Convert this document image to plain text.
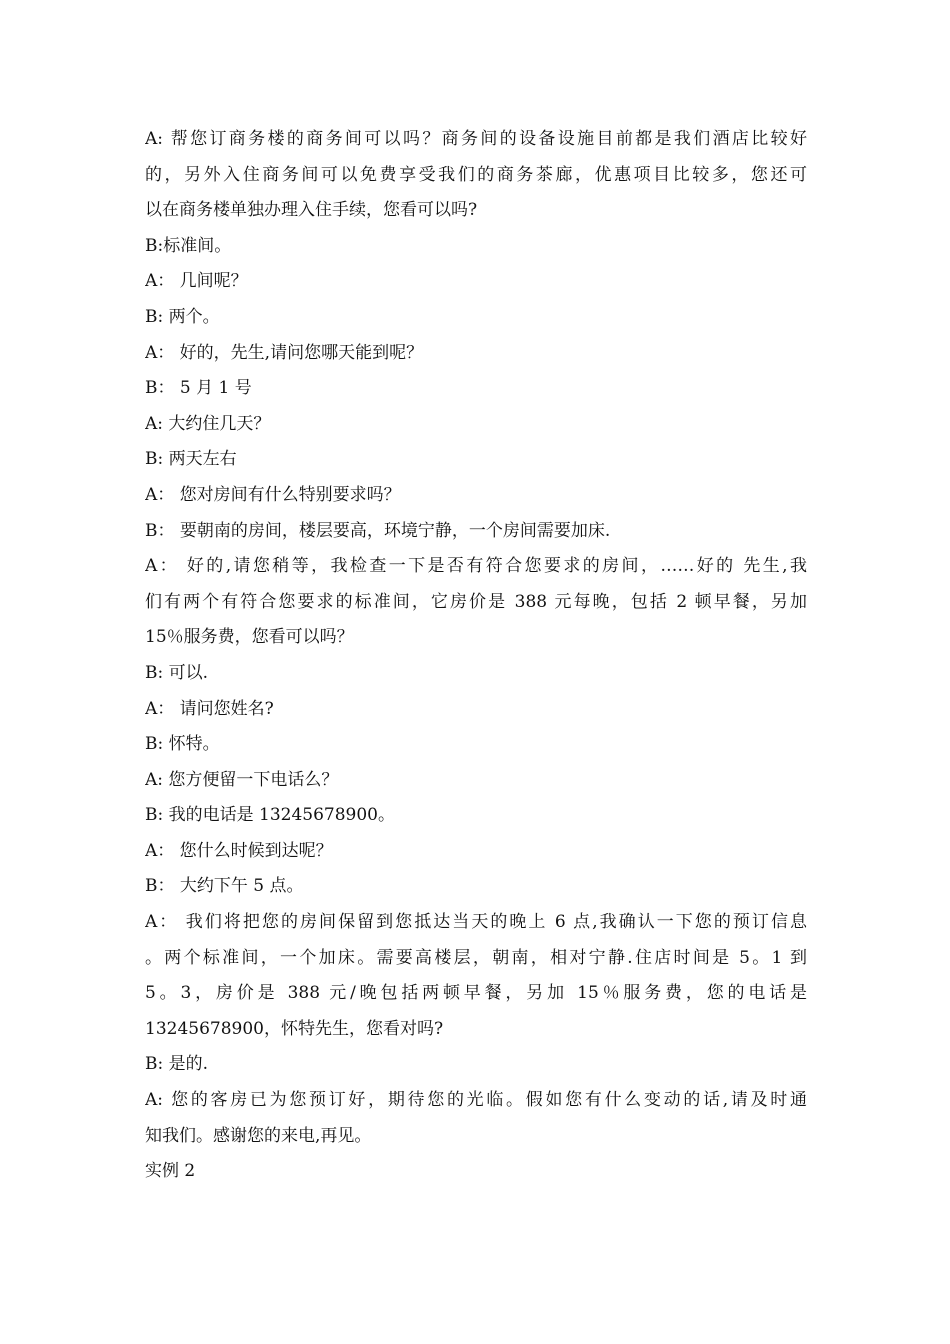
A: 帮您订商务楼的商务间可以吗？商务间的设备设施目前都是我们酒店比较好
的，另外入住商务间可以免费享受我们的商务茶廊，优惠项目比较多，您还可
以在商务楼单独办理入住手续，您看可以吗?
B:标准间。
A： 几间呢？
B: 两个。
A： 好的，先生,请问您哪天能到呢？
B： 5 月 1 号
A: 大约住几天？
B: 两天左右
A： 您对房间有什么特别要求吗？
B： 要朝南的房间，楼层要高，环境宁静，一个房间需要加床.
A： 好的,请您稍等，我检查一下是否有符合您要求的房间，……好的 先生,我
们有两个有符合您要求的标准间，它房价是 388 元每晚，包括 2 顿早餐，另加
15％服务费，您看可以吗？
B: 可以.
A： 请问您姓名?
B: 怀特。
A: 您方便留一下电话么？
B: 我的电话是 13245678900。
A： 您什么时候到达呢？
B： 大约下午 5 点。
A： 我们将把您的房间保留到您抵达当天的晚上 6 点,我确认一下您的预订信息
。两个标准间，一个加床。需要高楼层，朝南，相对宁静.住店时间是 5。1 到
5。3，房价是 388 元/晚包括两顿早餐，另加 15％服务费，您的电话是
13245678900，怀特先生，您看对吗?
B: 是的.
A: 您的客房已为您预订好，期待您的光临。假如您有什么变动的话,请及时通
知我们。感谢您的来电,再见。
实例 2
